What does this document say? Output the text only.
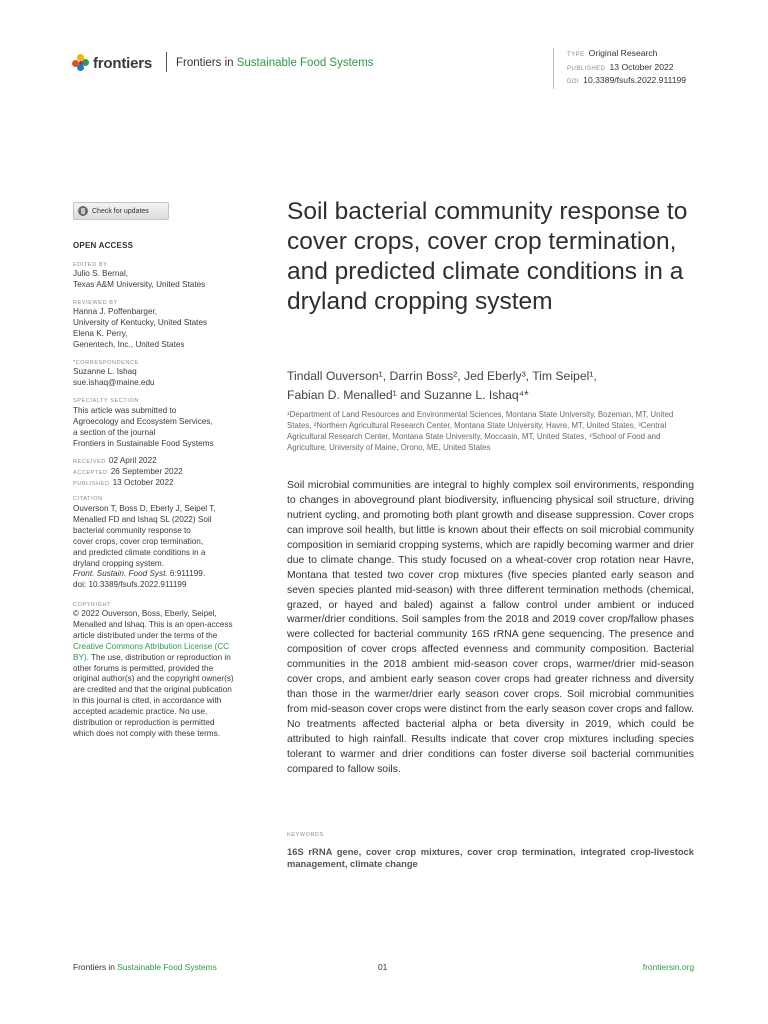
frontiers Frontiers in Sustainable Food Systems
TYPE Original Research
PUBLISHED 13 October 2022
DOI 10.3389/fsufs.2022.911199
Check for updates
OPEN ACCESS
EDITED BY
Julio S. Bernal,
Texas A&M University, United States
REVIEWED BY
Hanna J. Poffenbarger,
University of Kentucky, United States
Elena K. Perry,
Genentech, Inc., United States
*CORRESPONDENCE
Suzanne L. Ishaq
sue.ishaq@maine.edu
SPECIALTY SECTION
This article was submitted to
Agroecology and Ecosystem Services,
a section of the journal
Frontiers in Sustainable Food Systems
RECEIVED 02 April 2022
ACCEPTED 26 September 2022
PUBLISHED 13 October 2022
CITATION
Ouverson T, Boss D, Eberly J, Seipel T,
Menalled FD and Ishaq SL (2022) Soil
bacterial community response to
cover crops, cover crop termination,
and predicted climate conditions in a
dryland cropping system.
Front. Sustain. Food Syst. 6:911199.
doi: 10.3389/fsufs.2022.911199
COPYRIGHT
© 2022 Ouverson, Boss, Eberly, Seipel, Menalled and Ishaq. This is an open-access article distributed under the terms of the Creative Commons Attribution License (CC BY). The use, distribution or reproduction in other forums is permitted, provided the original author(s) and the copyright owner(s) are credited and that the original publication in this journal is cited, in accordance with accepted academic practice. No use, distribution or reproduction is permitted which does not comply with these terms.
Soil bacterial community response to cover crops, cover crop termination, and predicted climate conditions in a dryland cropping system
Tindall Ouverson¹, Darrin Boss², Jed Eberly³, Tim Seipel¹,
Fabian D. Menalled¹ and Suzanne L. Ishaq⁴*
¹Department of Land Resources and Environmental Sciences, Montana State University, Bozeman, MT, United States, ²Northern Agricultural Research Center, Montana State University, Havre, MT, United States, ³Central Agricultural Research Center, Montana State University, Moccasin, MT, United States, ⁴School of Food and Agriculture, University of Maine, Orono, ME, United States
Soil microbial communities are integral to highly complex soil environments, responding to changes in aboveground plant biodiversity, influencing physical soil structure, driving nutrient cycling, and promoting both plant growth and disease suppression. Cover crops can improve soil health, but little is known about their effects on soil microbial community composition in semiarid cropping systems, which are rapidly becoming warmer and drier due to climate change. This study focused on a wheat-cover crop rotation near Havre, Montana that tested two cover crop mixtures (five species planted early season and seven species planted mid-season) with three different termination methods (chemical, grazed, or hayed and baled) against a fallow control under ambient or induced warmer/drier conditions. Soil samples from the 2018 and 2019 cover crop/fallow phases were collected for bacterial community 16S rRNA gene sequencing. The presence and composition of cover crops affected evenness and community composition. Bacterial communities in the 2018 ambient mid-season cover crops, warmer/drier mid-season cover crops, and ambient early season cover crops had greater richness and diversity than those in the warmer/drier early season cover crops. Soil microbial communities from mid-season cover crops were distinct from the early season cover crops and fallow. No treatments affected bacterial alpha or beta diversity in 2019, which could be attributed to high rainfall. Results indicate that cover crop mixtures including species tolerant to warmer and drier conditions can foster diverse soil bacterial communities compared to fallow soils.
KEYWORDS
16S rRNA gene, cover crop mixtures, cover crop termination, integrated crop-livestock management, climate change
Frontiers in Sustainable Food Systems	01	frontiersin.org
